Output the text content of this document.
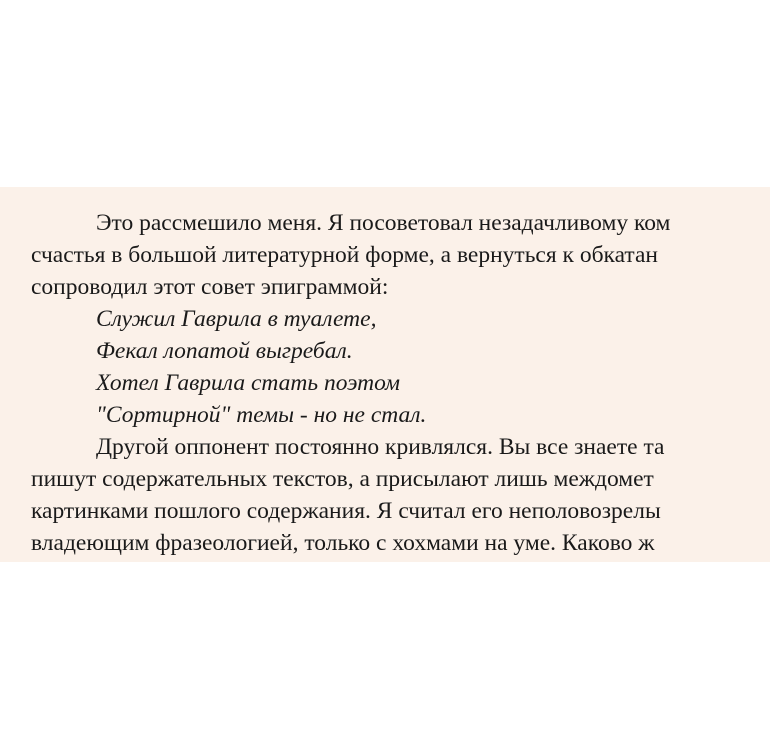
Это рассмешило меня. Я посоветовал незадачливому ком
счастья в большой литературной форме, а вернуться к обкатан
сопроводил этот совет эпиграммой:
Служил Гаврила в туалете,
Фекал лопатой выгребал.
Хотел Гаврила стать поэтом
"Сортирной" темы - но не стал.
Другой оппонент постоянно кривлялся. Вы все знаете та
пишут содержательных текстов, а присылают лишь междомет
картинками пошлого содержания. Я считал его неполовозрелы
владеющим фразеологией, только с хохмами на уме. Каково ж
